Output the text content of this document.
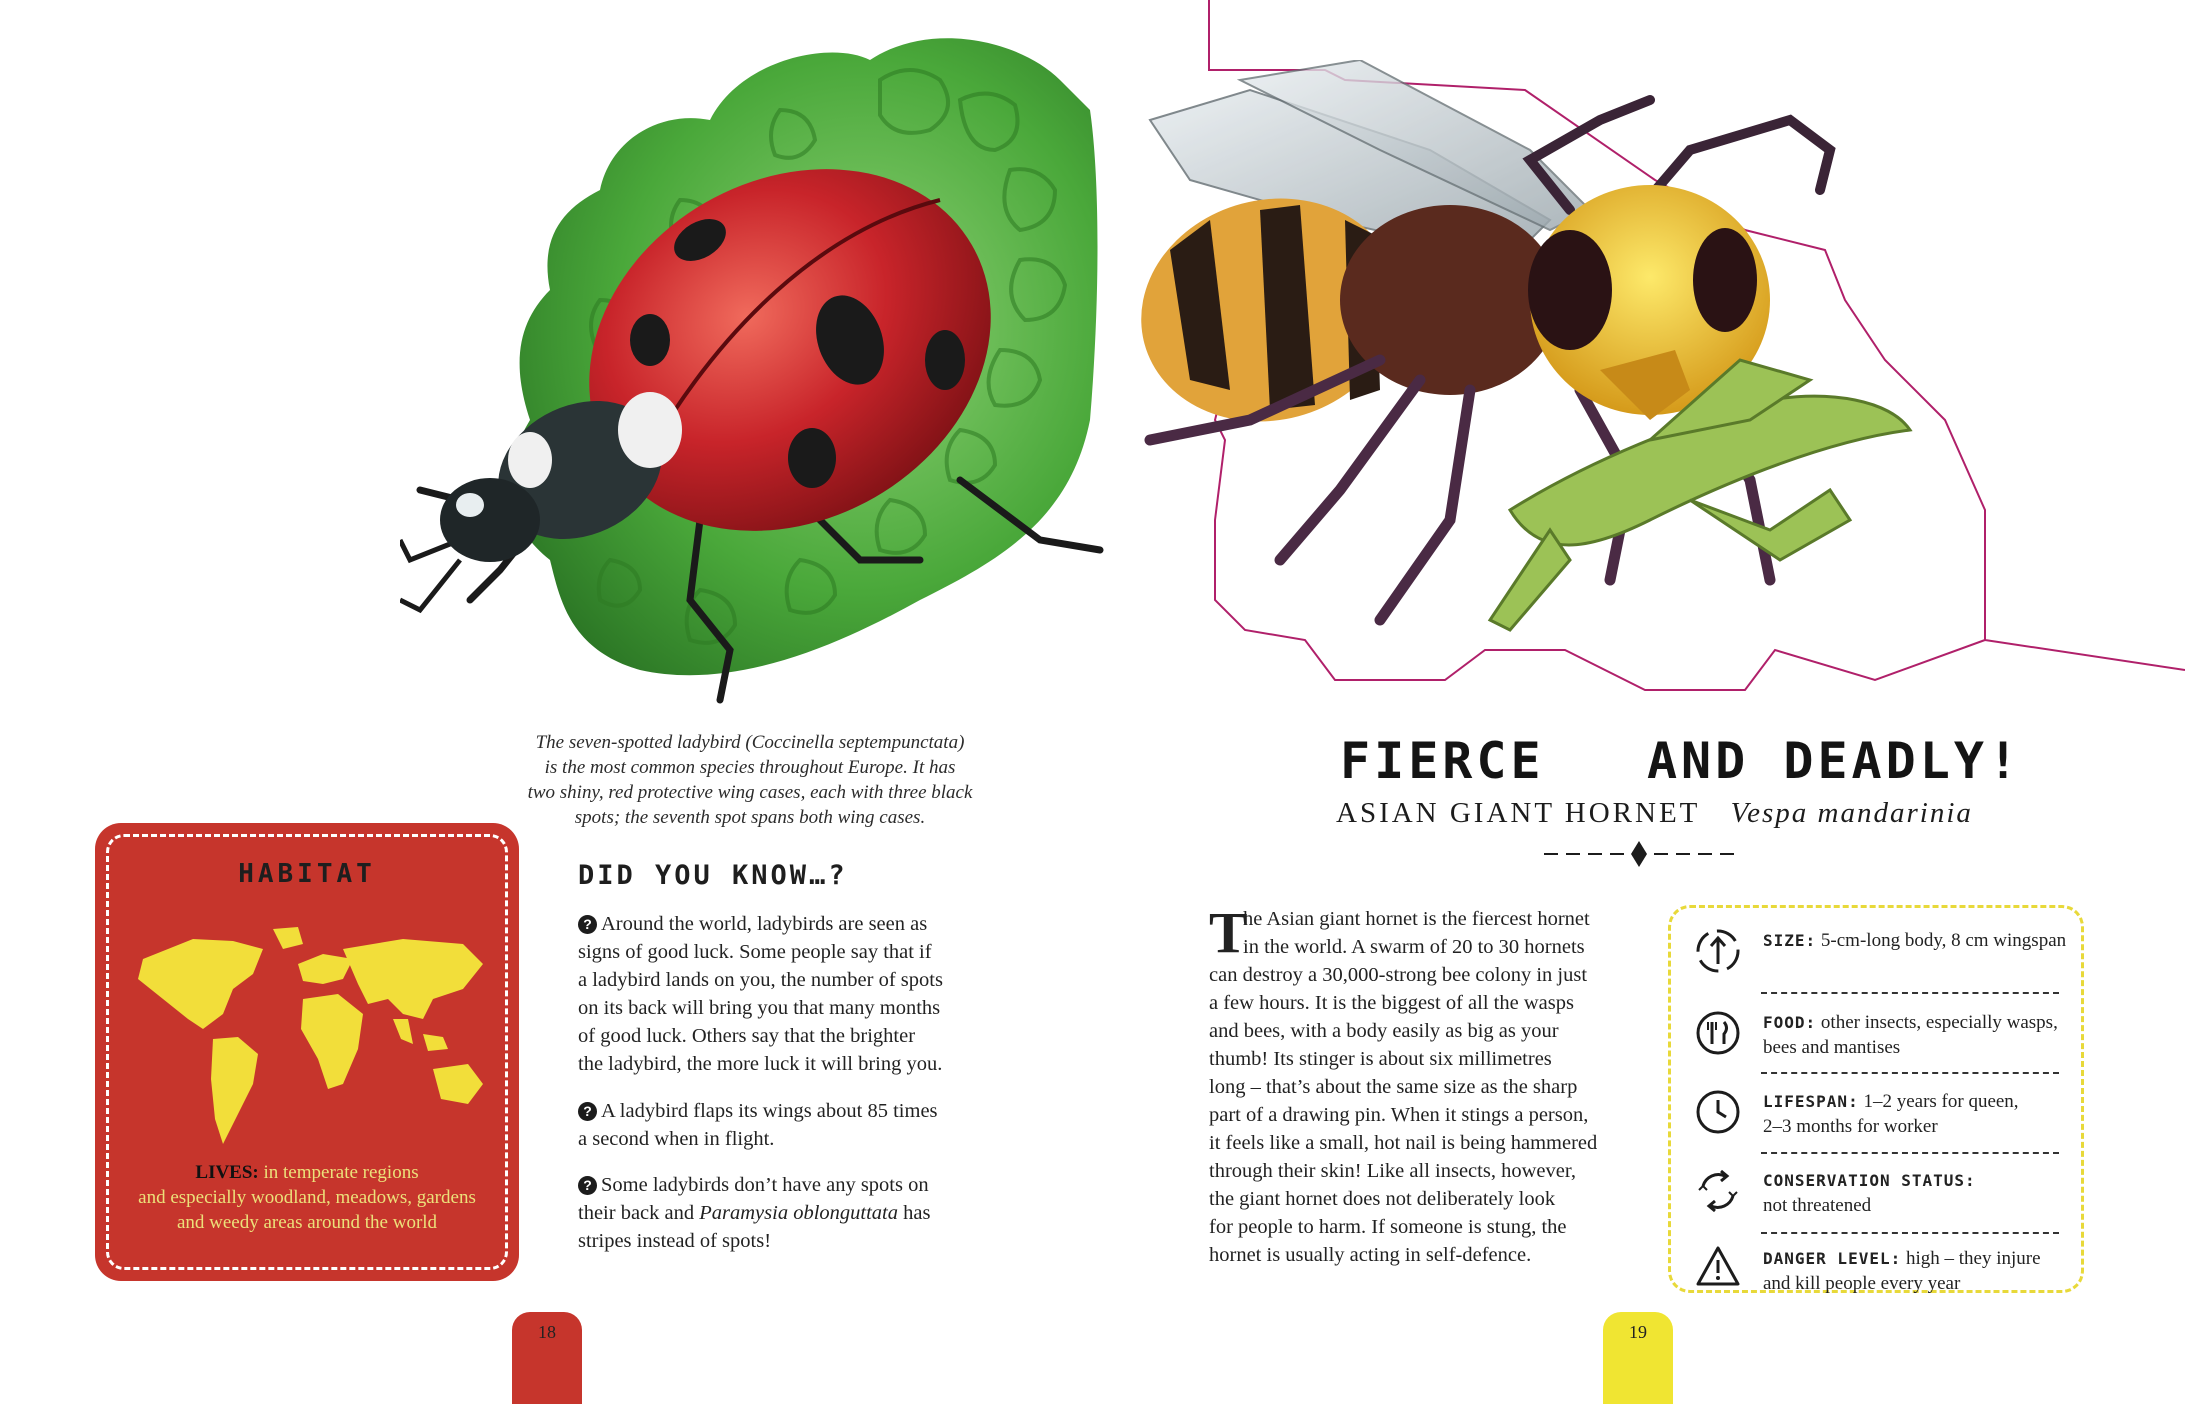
The seven-spotted ladybird (Coccinella septempunctata)
is the most common species throughout Europe. It has
two shiny, red protective wing cases, each with three black
spots; the seventh spot spans both wing cases.
HABITAT
LIVES: in temperate regions
and especially woodland, meadows, gardens
and weedy areas around the world
DID YOU KNOW…?
? Around the world, ladybirds are seen as
signs of good luck. Some people say that if
a ladybird lands on you, the number of spots
on its back will bring you that many months
of good luck. Others say that the brighter
the ladybird, the more luck it will bring you.
? A ladybird flaps its wings about 85 times
a second when in flight.
? Some ladybirds don’t have any spots on
their back and Paramysia oblonguttata has
stripes instead of spots!
18
FIERCE AND DEADLY!
ASIAN GIANT HORNET Vespa mandarinia
T
he Asian giant hornet is the fiercest hornet
in the world. A swarm of 20 to 30 hornets
can destroy a 30,000-strong bee colony in just
a few hours. It is the biggest of all the wasps
and bees, with a body easily as big as your
thumb! Its stinger is about six millimetres
long – that’s about the same size as the sharp
part of a drawing pin. When it stings a person,
it feels like a small, hot nail is being hammered
through their skin! Like all insects, however,
the giant hornet does not deliberately look
for people to harm. If someone is stung, the
hornet is usually acting in self-defence.
SIZE: 5-cm-long body, 8 cm wingspan
FOOD: other insects, especially wasps,
bees and mantises
LIFESPAN: 1–2 years for queen,
2–3 months for worker
CONSERVATION STATUS:
not threatened
DANGER LEVEL: high – they injure
and kill people every year
19
